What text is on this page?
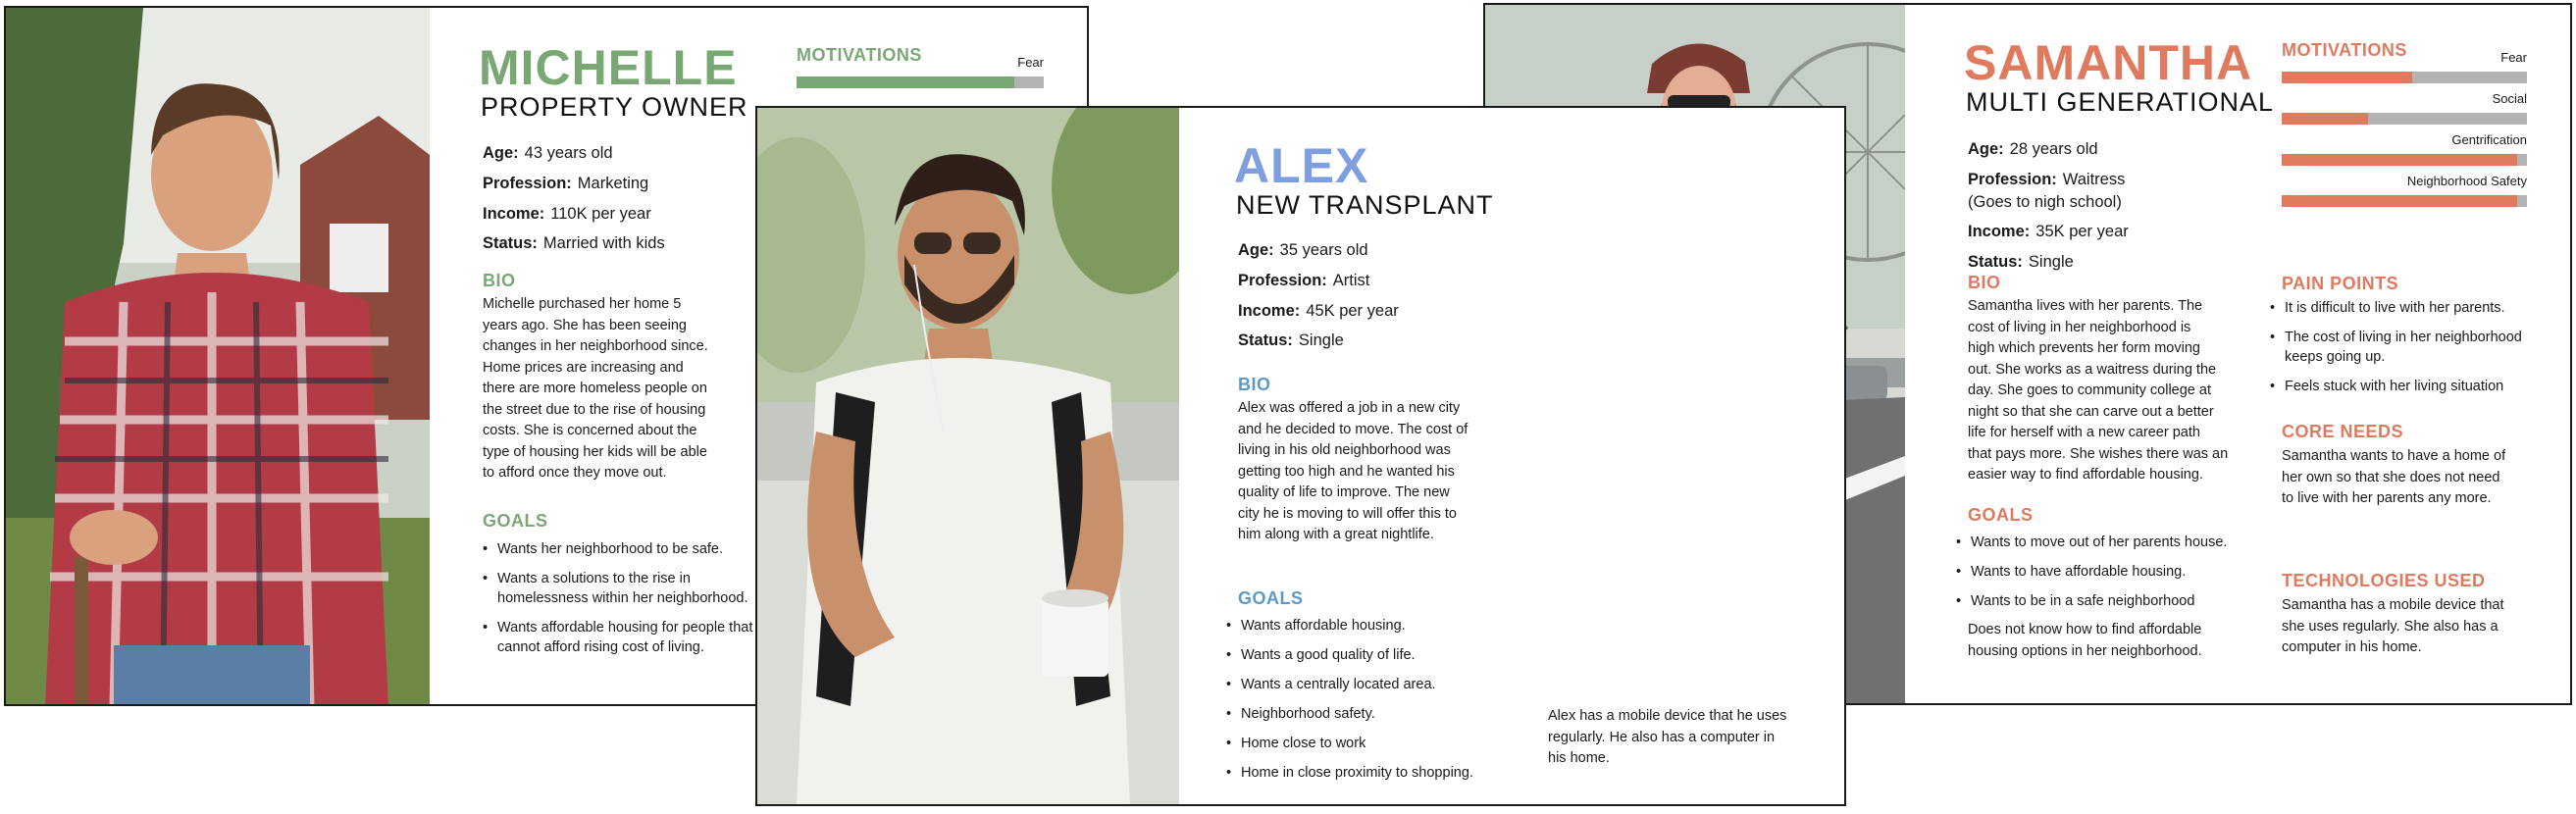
MICHELLE
PROPERTY OWNER
Age: 43 years old
Profession: Marketing
Income: 110K per year
Status: Married with kids
BIO
Michelle purchased her home 5
years ago. She has been seeing
changes in her neighborhood since.
Home prices are increasing and
there are more homeless people on
the street due to the rise of housing
costs. She is concerned about the
type of housing her kids will be able
to afford once they move out.
GOALS
• Wants her neighborhood to be safe.
• Wants a solutions to the rise in homelessness within her neighborhood.
• Wants affordable housing for people that cannot afford rising cost of living.
MOTIVATIONS	Fear	SAMANTHA
MULTI GENERATIONAL
Age: 28 years old
Profession: Waitress
(Goes to nigh school)
Income: 35K per year
Status: Single
BIO
Samantha lives with her parents. The
cost of living in her neighborhood is
high which prevents her form moving
out. She works as a waitress during the
day. She goes to community college at
night so that she can carve out a better
life for herself with a new career path
that pays more. She wishes there was an
easier way to find affordable housing.
GOALS
• Wants to move out of her parents house.
• Wants to have affordable housing.
• Wants to be in a safe neighborhood
Does not know how to find affordable
housing options in her neighborhood.
MOTIVATIONS	Fear
Social
Gentrification
Neighborhood Safety
PAIN POINTS
• It is difficult to live with her parents.
• The cost of living in her neighborhood keeps going up.
• Feels stuck with her living situation
CORE NEEDS
Samantha wants to have a home of
her own so that she does not need
to live with her parents any more.
TECHNOLOGIES USED
Samantha has a mobile device that
she uses regularly. She also has a
computer in his home.
ALEX
NEW TRANSPLANT
Age: 35 years old
Profession: Artist
Income: 45K per year
Status: Single
BIO
Alex was offered a job in a new city
and he decided to move. The cost of
living in his old neighborhood was
getting too high and he wanted his
quality of life to improve. The new
city he is moving to will offer this to
him along with a great nightlife.
GOALS
• Wants affordable housing.
• Wants a good quality of life.
• Wants a centrally located area.
• Neighborhood safety.
• Home close to work
• Home in close proximity to shopping.
Alex has a mobile device that he uses
regularly. He also has a computer in
his home.
